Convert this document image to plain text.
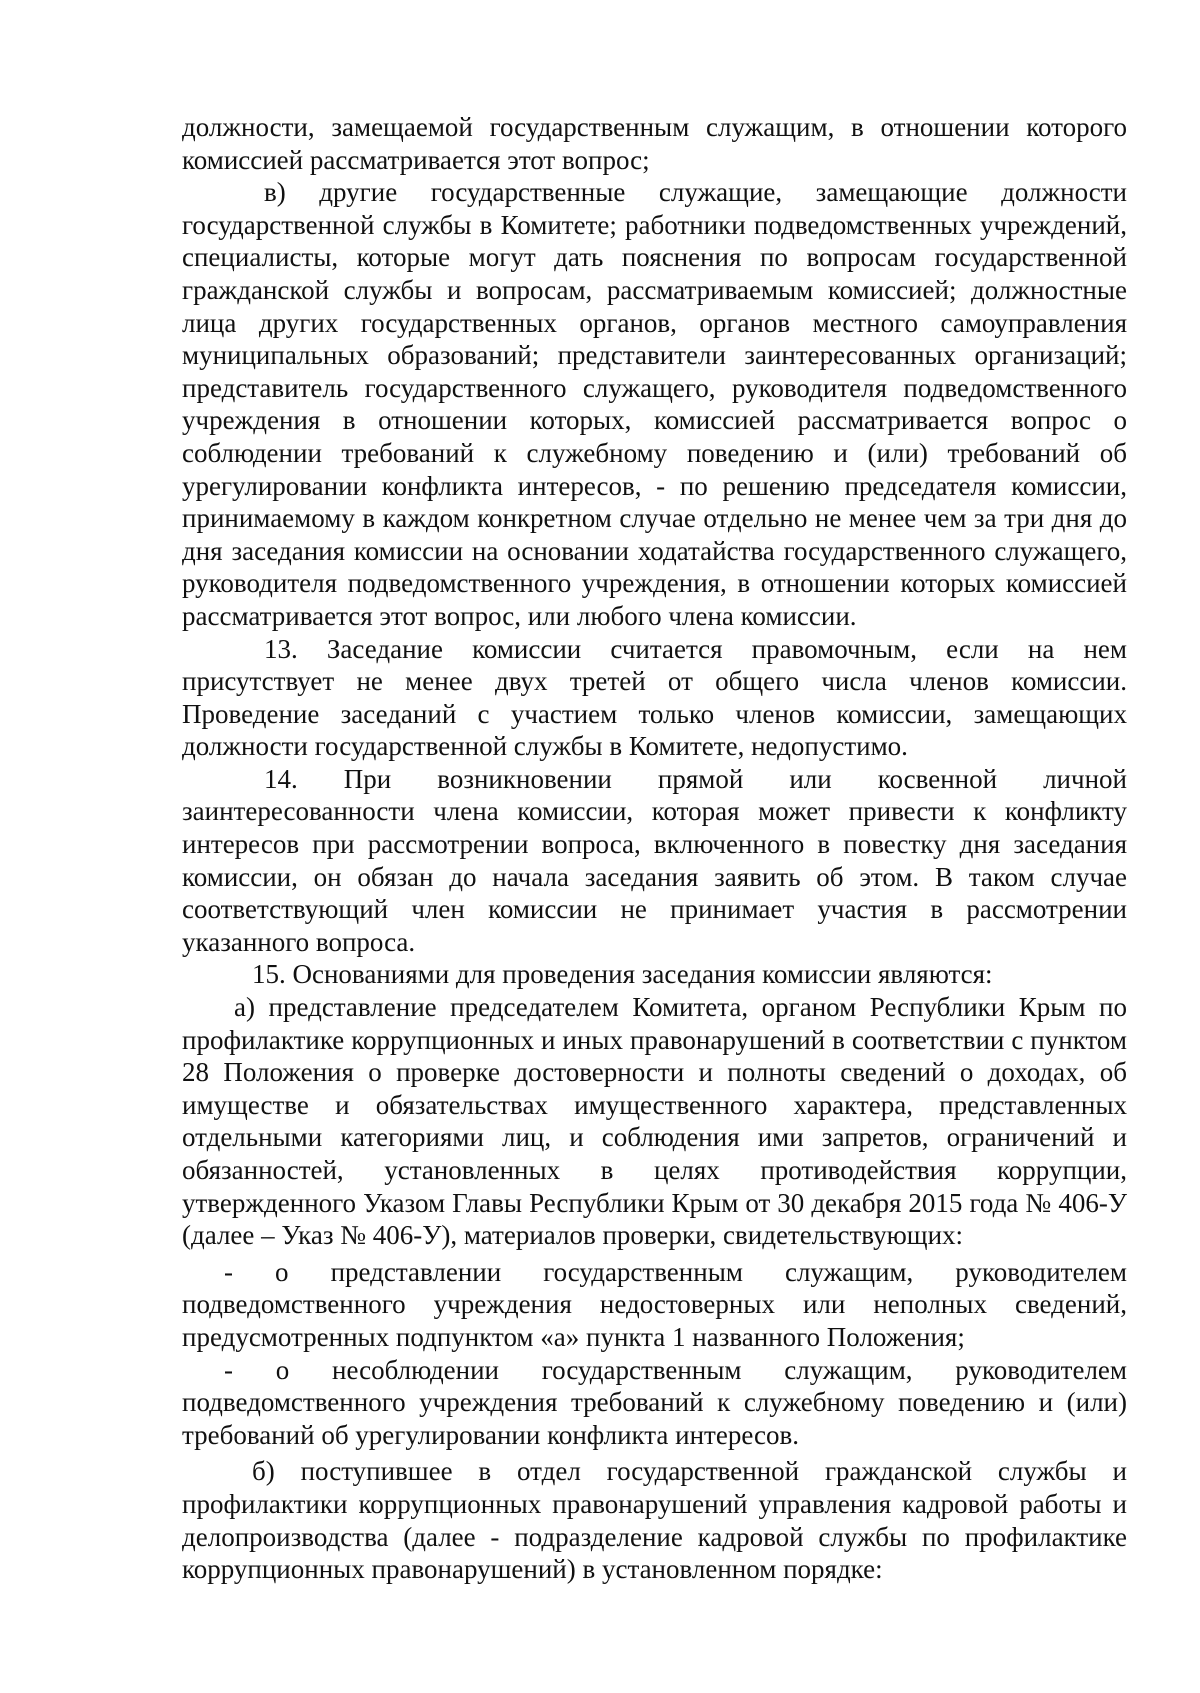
должности, замещаемой государственным служащим, в отношении которого комиссией рассматривается этот вопрос;

в) другие государственные служащие, замещающие должности государственной службы в Комитете; работники подведомственных учреждений, специалисты, которые могут дать пояснения по вопросам государственной гражданской службы и вопросам, рассматриваемым комиссией; должностные лица других государственных органов, органов местного самоуправления муниципальных образований; представители заинтересованных организаций; представитель государственного служащего, руководителя подведомственного учреждения в отношении которых, комиссией рассматривается вопрос о соблюдении требований к служебному поведению и (или) требований об урегулировании конфликта интересов, - по решению председателя комиссии, принимаемому в каждом конкретном случае отдельно не менее чем за три дня до дня заседания комиссии на основании ходатайства государственного служащего, руководителя подведомственного учреждения, в отношении которых комиссией рассматривается этот вопрос, или любого члена комиссии.

13. Заседание комиссии считается правомочным, если на нем присутствует не менее двух третей от общего числа членов комиссии. Проведение заседаний с участием только членов комиссии, замещающих должности государственной службы в Комитете, недопустимо.

14. При возникновении прямой или косвенной личной заинтересованности члена комиссии, которая может привести к конфликту интересов при рассмотрении вопроса, включенного в повестку дня заседания комиссии, он обязан до начала заседания заявить об этом. В таком случае соответствующий член комиссии не принимает участия в рассмотрении указанного вопроса.

15. Основаниями для проведения заседания комиссии являются:

а) представление председателем Комитета, органом Республики Крым по профилактике коррупционных и иных правонарушений в соответствии с пунктом 28 Положения о проверке достоверности и полноты сведений о доходах, об имуществе и обязательствах имущественного характера, представленных отдельными категориями лиц, и соблюдения ими запретов, ограничений и обязанностей, установленных в целях противодействия коррупции, утвержденного Указом Главы Республики Крым от 30 декабря 2015 года № 406-У (далее – Указ № 406-У), материалов проверки, свидетельствующих:

- о представлении государственным служащим, руководителем подведомственного учреждения недостоверных или неполных сведений, предусмотренных подпунктом «а» пункта 1 названного Положения;

- о несоблюдении государственным служащим, руководителем подведомственного учреждения требований к служебному поведению и (или) требований об урегулировании конфликта интересов.

б) поступившее в отдел государственной гражданской службы и профилактики коррупционных правонарушений управления кадровой работы и делопроизводства (далее - подразделение кадровой службы по профилактике коррупционных правонарушений) в установленном порядке:
